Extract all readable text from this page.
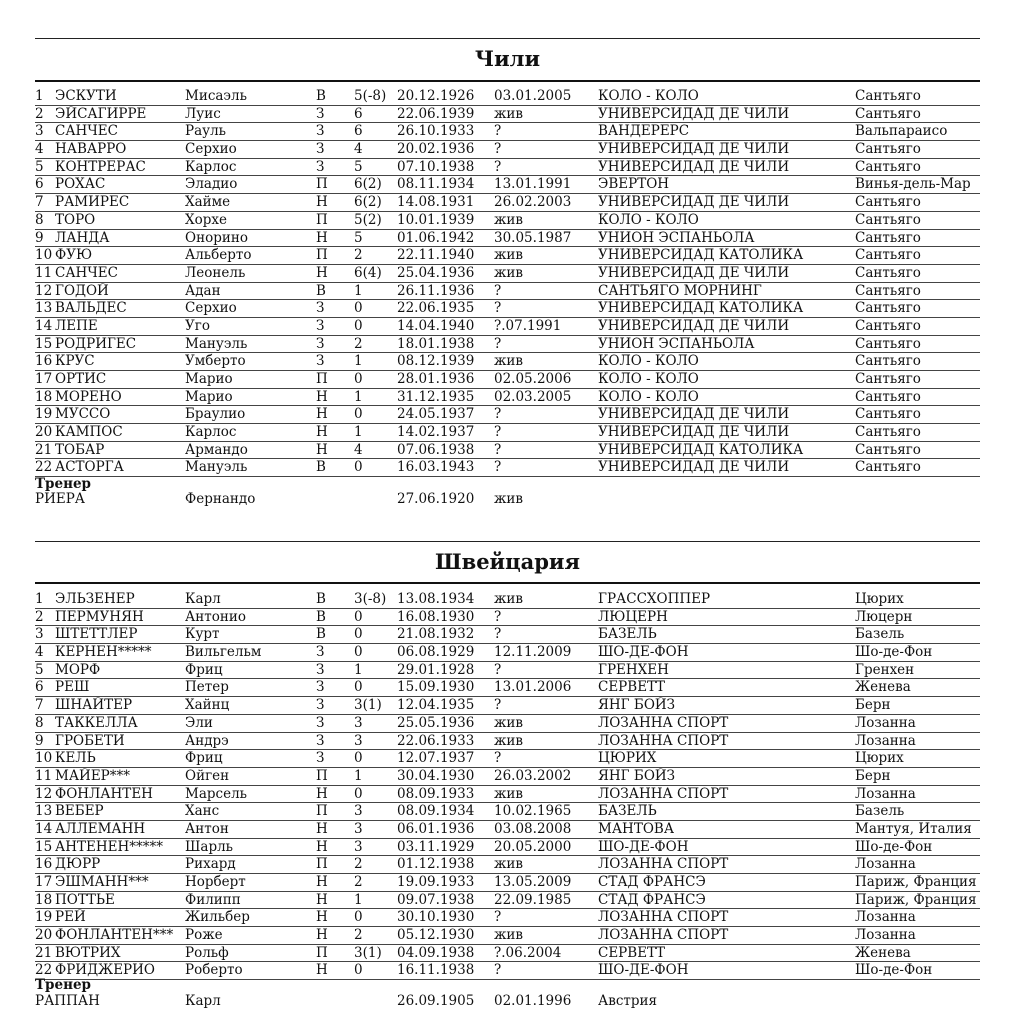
Чили
1 ЭСКУТИ	Мисаэль	В	5(-8) 20.12.1926	03.01.2005	КОЛО - КОЛО	Сантьяго
2 ЭЙСАГИРРЕ	Луис	З	6	22.06.1939	жив	УНИВЕРСИДАД ДЕ ЧИЛИ	Сантьяго
3 САНЧЕС	Рауль	З	6	26.10.1933	?	ВАНДЕРЕРС	Вальпараисо
4 НАВАРРО	Серхио	З	4	20.02.1936	?	УНИВЕРСИДАД ДЕ ЧИЛИ	Сантьяго
5 КОНТРЕРАС	Карлос	З	5	07.10.1938	?	УНИВЕРСИДАД ДЕ ЧИЛИ	Сантьяго
6 РОХАС	Эладио	П	6(2)	08.11.1934	13.01.1991	ЭВЕРТОН	Винья-дель-Мар
7 РАМИРЕС	Хайме	Н	6(2)	14.08.1931	26.02.2003	УНИВЕРСИДАД ДЕ ЧИЛИ	Сантьяго
8 ТОРО	Хорхе	П	5(2)	10.01.1939	жив	КОЛО - КОЛО	Сантьяго
9 ЛАНДА	Онорино	Н	5	01.06.1942	30.05.1987	УНИОН ЭСПАНЬОЛА	Сантьяго
10 ФУЮ	Альберто	П	2	22.11.1940	жив	УНИВЕРСИДАД КАТОЛИКА	Сантьяго
11 САНЧЕС	Леонель	Н	6(4)	25.04.1936	жив	УНИВЕРСИДАД ДЕ ЧИЛИ	Сантьяго
12 ГОДОЙ	Адан	В	1	26.11.1936	?	САНТЬЯГО МОРНИНГ	Сантьяго
13 ВАЛЬДЕС	Серхио	З	0	22.06.1935	?	УНИВЕРСИДАД КАТОЛИКА	Сантьяго
14 ЛЕПЕ	Уго	З	0	14.04.1940	?.07.1991	УНИВЕРСИДАД ДЕ ЧИЛИ	Сантьяго
15 РОДРИГЕС	Мануэль	З	2	18.01.1938	?	УНИОН ЭСПАНЬОЛА	Сантьяго
16 КРУС	Умберто	З	1	08.12.1939	жив	КОЛО - КОЛО	Сантьяго
17 ОРТИС	Марио	П	0	28.01.1936	02.05.2006	КОЛО - КОЛО	Сантьяго
18 МОРЕНО	Марио	Н	1	31.12.1935	02.03.2005	КОЛО - КОЛО	Сантьяго
19 МУССО	Браулио	Н	0	24.05.1937	?	УНИВЕРСИДАД ДЕ ЧИЛИ	Сантьяго
20 КАМПОС	Карлос	Н	1	14.02.1937	?	УНИВЕРСИДАД ДЕ ЧИЛИ	Сантьяго
21 ТОБАР	Армандо	Н	4	07.06.1938	?	УНИВЕРСИДАД КАТОЛИКА	Сантьяго
22 АСТОРГА	Мануэль	В	0	16.03.1943	?	УНИВЕРСИДАД ДЕ ЧИЛИ	Сантьяго
Тренер
РИЕРА	Фернандо	27.06.1920	жив
Швейцария
1 ЭЛЬЗЕНЕР	Карл	В	3(-8) 13.08.1934	жив	ГРАССХОППЕР	Цюрих
2 ПЕРМУНЯН	Антонио	В	0	16.08.1930	?	ЛЮЦЕРН	Люцерн
3 ШТЕТТЛЕР	Курт	В	0	21.08.1932	?	БАЗЕЛЬ	Базель
4 КЕРНЕН*****	Вильгельм	З	0	06.08.1929	12.11.2009	ШО-ДЕ-ФОН	Шо-де-Фон
5 МОРФ	Фриц	З	1	29.01.1928	?	ГРЕНХЕН	Гренхен
6 РЕШ	Петер	З	0	15.09.1930	13.01.2006	СЕРВЕТТ	Женева
7 ШНАЙТЕР	Хайнц	З	3(1)	12.04.1935	?	ЯНГ БОЙЗ	Берн
8 ТАККЕЛЛА	Эли	З	3	25.05.1936	жив	ЛОЗАННА СПОРТ	Лозанна
9 ГРОБЕТИ	Андрэ	З	3	22.06.1933	жив	ЛОЗАННА СПОРТ	Лозанна
10 КЕЛЬ	Фриц	З	0	12.07.1937	?	ЦЮРИХ	Цюрих
11 МАЙЕР***	Ойген	П	1	30.04.1930	26.03.2002	ЯНГ БОЙЗ	Берн
12 ФОНЛАНТЕН	Марсель	Н	0	08.09.1933	жив	ЛОЗАННА СПОРТ	Лозанна
13 ВЕБЕР	Ханс	П	3	08.09.1934	10.02.1965	БАЗЕЛЬ	Базель
14 АЛЛЕМАНН	Антон	Н	3	06.01.1936	03.08.2008	МАНТОВА	Мантуя, Италия
15 АНТЕНЕН*****	Шарль	Н	3	03.11.1929	20.05.2000	ШО-ДЕ-ФОН	Шо-де-Фон
16 ДЮРР	Рихард	П	2	01.12.1938	жив	ЛОЗАННА СПОРТ	Лозанна
17 ЭШМАНН***	Норберт	Н	2	19.09.1933	13.05.2009	СТАД ФРАНСЭ	Париж, Франция
18 ПОТТЬЕ	Филипп	Н	1	09.07.1938	22.09.1985	СТАД ФРАНСЭ	Париж, Франция
19 РЕЙ	Жильбер	Н	0	30.10.1930	?	ЛОЗАННА СПОРТ	Лозанна
20 ФОНЛАНТЕН*** Роже	Н	2	05.12.1930	жив	ЛОЗАННА СПОРТ	Лозанна
21 ВЮТРИХ	Рольф	П	3(1)	04.09.1938	?.06.2004	СЕРВЕТТ	Женева
22 ФРИДЖЕРИО	Роберто	Н	0	16.11.1938	?	ШО-ДЕ-ФОН	Шо-де-Фон
Тренер
РАППАН	Карл	26.09.1905	02.01.1996	Австрия
